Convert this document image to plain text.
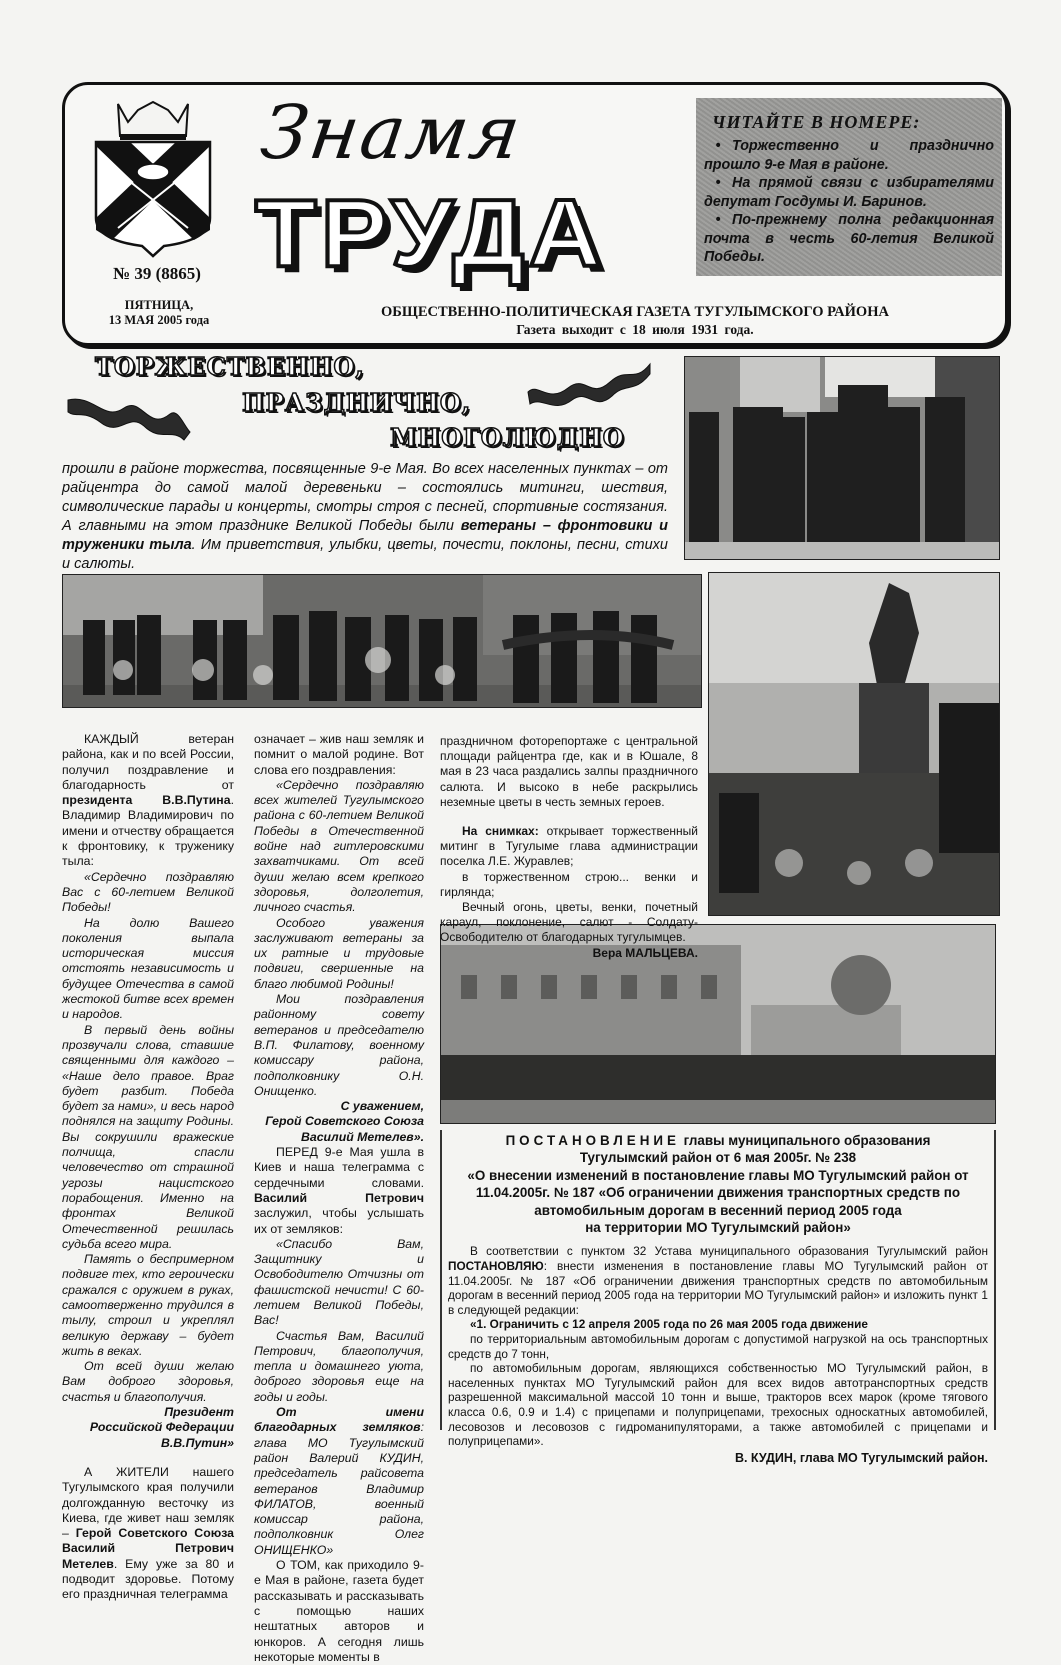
№ 39 (8865)
ПЯТНИЦА,
13 МАЯ 2005 года
Знамя
ТРУДА
ОБЩЕСТВЕННО-ПОЛИТИЧЕСКАЯ ГАЗЕТА ТУГУЛЫМСКОГО РАЙОНА
Газета выходит с 18 июля 1931 года.
ЧИТАЙТЕ В НОМЕРЕ:
• Торжественно и празднично прошло 9-е Мая в районе.
• На прямой связи с избирателями депутат Госдумы И. Баринов.
• По-прежнему полна редакционная почта в честь 60-летия Великой Победы.
ТОРЖЕСТВЕННО,
ПРАЗДНИЧНО,
МНОГОЛЮДНО
прошли в районе торжества, посвященные 9-е Мая. Во всех населенных пунктах – от райцентра до самой малой деревеньки – состоялись митинги, шествия, символические парады и концерты, смотры строя с песней, спортивные состязания. А главными на этом празднике Великой Победы были ветераны – фронтовики и труженики тыла. Им приветствия, улыбки, цветы, почести, поклоны, песни, стихи и салюты.

КАЖДЫЙ ветеран района, как и по всей России, получил поздравление и благодарность от президента В.В.Путина. Владимир Владимирович по имени и отчеству обращается к фронтовику, к труженику тыла:

«Сердечно поздравляю Вас с 60-летием Великой Победы!

На долю Вашего поколения выпала историческая миссия отстоять независимость и будущее Отечества в самой жестокой битве всех времен и народов.

В первый день войны прозвучали слова, ставшие священными для каждого – «Наше дело правое. Враг будет разбит. Победа будет за нами», и весь народ поднялся на защиту Родины. Вы сокрушили вражеские полчища, спасли человечество от страшной угрозы нацистского порабощения. Именно на фронтах Великой Отечественной решилась судьба всего мира.

Память о беспримерном подвиге тех, кто героически сражался с оружием в руках, самоотверженно трудился в тылу, строил и укреплял великую державу – будет жить в веках.

От всей души желаю Вам доброго здоровья, счастья и благополучия.

Президент
Российской Федерации
В.В.Путин»

А ЖИТЕЛИ нашего Тугулымского края получили долгожданную весточку из Киева, где живет наш земляк – Герой Советского Союза Василий Петрович Метелев. Ему уже за 80 и подводит здоровье. Потому его праздничная телеграмма

означает – жив наш земляк и помнит о малой родине. Вот слова его поздравления:

«Сердечно поздравляю всех жителей Тугулымского района с 60-летием Великой Победы в Отечественной войне над гитлеровскими захватчиками. От всей души желаю всем крепкого здоровья, долголетия, личного счастья.

Особого уважения заслуживают ветераны за их ратные и трудовые подвиги, свершенные на благо любимой Родины!

Мои поздравления районному совету ветеранов и председателю В.П. Филатову, военному комиссару района, подполковнику О.Н. Онищенко.

С уважением,
Герой Советского Союза
Василий Метелев».

ПЕРЕД 9-е Мая ушла в Киев и наша телеграмма с сердечными словами. Василий Петрович заслужил, чтобы услышать их от земляков:

«Спасибо Вам, Защитнику и Освободителю Отчизны от фашистской нечисти! С 60-летием Великой Победы, Вас!

Счастья Вам, Василий Петрович, благополучия, тепла и домашнего уюта, доброго здоровья еще на годы и годы.

От имени благодарных земляков: глава МО Тугулымский район Валерий КУДИН, председатель райсовета ветеранов Владимир ФИЛАТОВ, военный комиссар района, подполковник Олег ОНИЩЕНКО»

О ТОМ, как приходило 9-е Мая в районе, газета будет рассказывать и рассказывать с помощью наших нештатных авторов и юнкоров. А сегодня лишь некоторые моменты в

праздничном фоторепортаже с центральной площади райцентра где, как и в Юшале, 8 мая в 23 часа раздались залпы праздничного салюта. И высоко в небе раскрылись неземные цветы в честь земных героев.

На снимках: открывает торжественный митинг в Тугулыме глава администрации поселка Л.Е. Журавлев;

в торжественном строю... венки и гирлянда;

Вечный огонь, цветы, венки, почетный караул, поклонение, салют - Солдату-Освободителю от благодарных тугулымцев.

Вера МАЛЬЦЕВА.

ПОСТАНОВЛЕНИЕ главы муниципального образования
Тугулымский район от 6 мая 2005г. № 238
«О внесении изменений в постановление главы МО Тугулымский район от 11.04.2005г. № 187 «Об ограничении движения транспортных средств по автомобильным дорогам в весенний период 2005 года
на территории МО Тугулымский район»

В соответствии с пунктом 32 Устава муниципального образования Тугулымский район ПОСТАНОВЛЯЮ: внести изменения в постановление главы МО Тугулымский район от 11.04.2005г. № 187 «Об ограничении движения транспортных средств по автомобильным дорогам в весенний период 2005 года на территории МО Тугулымский район» и изложить пункт 1 в следующей редакции:

«1. Ограничить с 12 апреля 2005 года по 26 мая 2005 года движение

по территориальным автомобильным дорогам с допустимой нагрузкой на ось транспортных средств до 7 тонн,

по автомобильным дорогам, являющихся собственностью МО Тугулымский район, в населенных пунктах МО Тугулымский район для всех видов автотранспортных средств разрешенной максимальной массой 10 тонн и выше, тракторов всех марок (кроме тягового класса 0.6, 0.9 и 1.4) с прицепами и полуприцепами, трехосных односкатных автомобилей, лесовозов и лесовозов с гидроманипуляторами, а также автомобилей с прицепами и полуприцепами».

В. КУДИН, глава МО Тугулымский район.
